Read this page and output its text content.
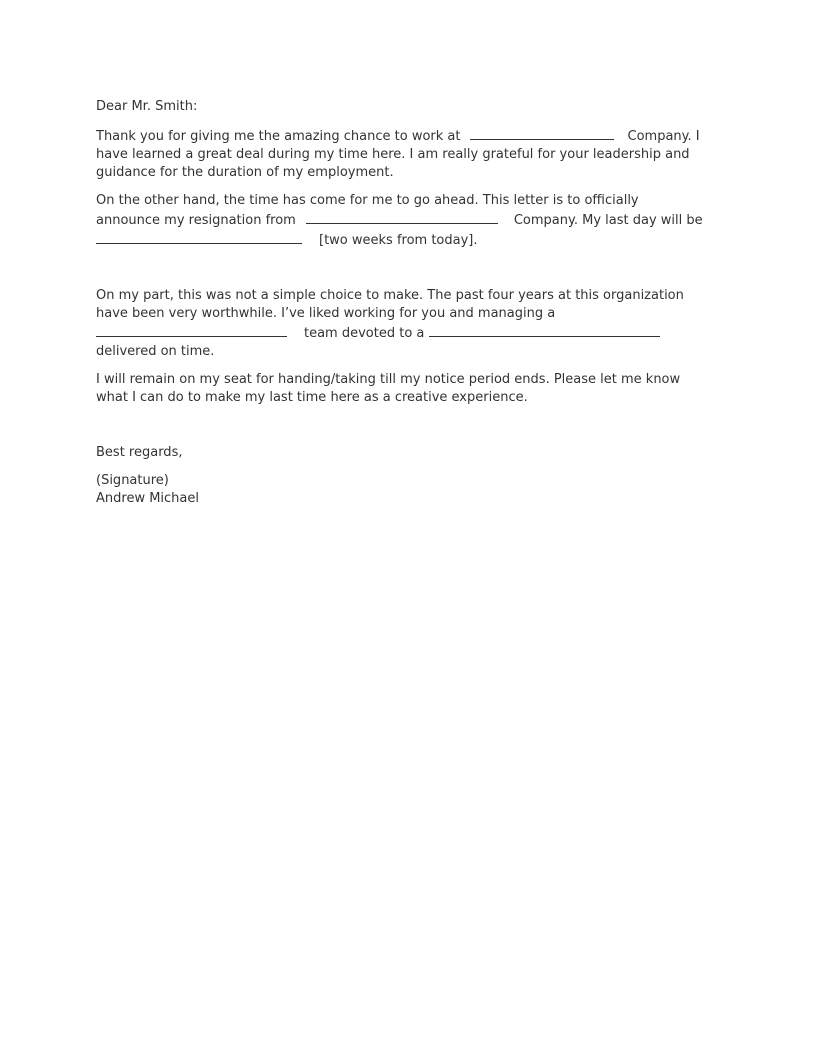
Dear Mr. Smith:

Thank you for giving me the amazing chance to work at	Company. I

have learned a great deal during my time here. I am really grateful for your leadership and

guidance for the duration of my employment.

On the other hand, the time has come for me to go ahead. This letter is to officially

announce my resignation from	Company. My last day will be

[two weeks from today].

On my part, this was not a simple choice to make. The past four years at this organization

have been very worthwhile. I’ve liked working for you and managing a

team devoted to a

delivered on time.

I will remain on my seat for handing/taking till my notice period ends. Please let me know

what I can do to make my last time here as a creative experience.

Best regards,

(Signature)

Andrew Michael
